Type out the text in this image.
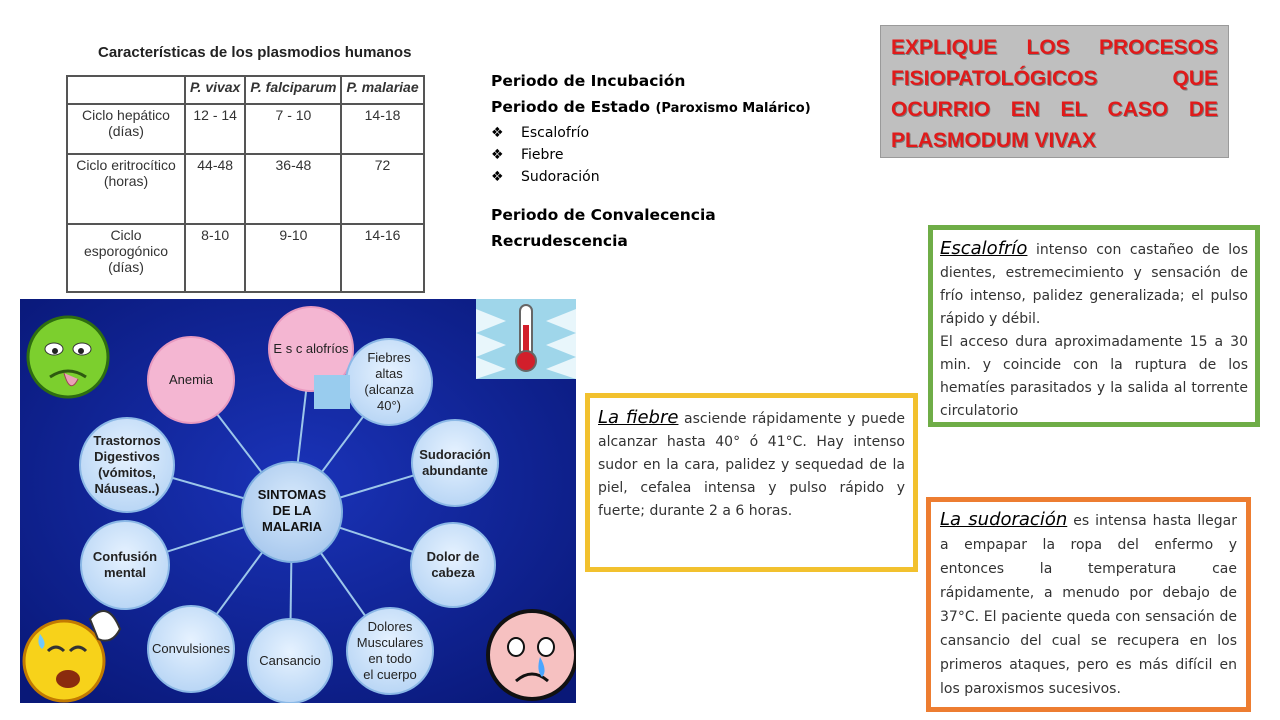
Características de los plasmodios humanos
	P. vivax	P. falciparum	P. malariae
Ciclo hepático
(días)	12 - 14	7 - 10	14-18
Ciclo eritrocítico
(horas)	44-48	36-48	72
Ciclo
esporogónico
(días)	8-10	9-10	14-16
Periodo de Incubación
Periodo de Estado (Paroxismo Malárico)
❖	Escalofrío
❖	Fiebre
❖	Sudoración
Periodo de Convalecencia
Recrudescencia
EXPLIQUE LOS PROCESOS
FISIOPATOLÓGICOS QUE
OCURRIO EN EL CASO DE
PLASMODUM VIVAX
Escalofrío intenso con castañeo de los dientes, estremecimiento y sensación de frío intenso, palidez generalizada; el pulso rápido y débil.
El acceso dura aproximadamente 15 a 30 min. y coincide con la ruptura de los hematíes parasitados y la salida al torrente circulatorio
La fiebre asciende rápidamente y puede alcanzar hasta 40° ó 41°C. Hay intenso sudor en la cara, palidez y sequedad de la piel, cefalea intensa y pulso rápido y fuerte; durante 2 a 6 horas.	La sudoración es intensa hasta llegar a empapar la ropa del enfermo y entonces la temperatura cae rápidamente, a menudo por debajo de 37°C. El paciente queda con sensación de cansancio del cual se recupera en los primeros ataques, pero es más difícil en los paroxismos sucesivos.
E s c alofríos
Fiebres
altas
(alcanza
40°)
Sudoración
abundante
Dolor de
cabeza
Dolores
Musculares
en todo
el cuerpo
Cansancio
Convulsiones
Confusión
mental
Trastornos
Digestivos
(vómitos,
Náuseas..)
Anemia
SINTOMAS
DE LA
MALARIA
